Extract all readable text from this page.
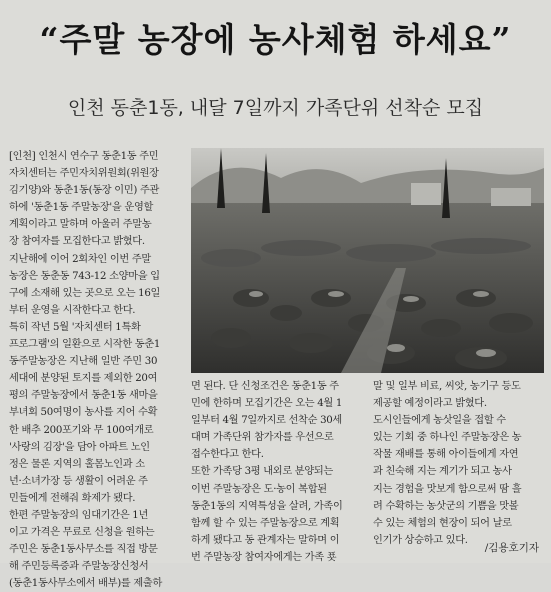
“주말 농장에 농사체험 하세요”
인천 동춘1동, 내달 7일까지 가족단위 선착순 모집

[인천] 인천시 연수구 동춘1동 주민

자치센터는 주민자치위원회(위원장

김기양)와 동춘1동(동장 이민) 주관

하에 '동춘1동 주말농장'을 운영할

계획이라고 말하며 아울러 주말농

장 참여자를 모집한다고 밝혔다.

지난해에 이어 2회차인 이번 주말

농장은 동춘동 743-12 소양마을 입

구에 소재해 있는 곳으로 오는 16일

부터 운영을 시작한다고 한다.

특히 작년 5월 '자치센터 1특화

프로그램'의 일환으로 시작한 동춘1

동주말농장은 지난해 일반 주민 30

세대에 분양된 토지를 제외한 20여

평의 주말농장에서 동춘1동 새마을

부녀회 50여명이 농사를 지어 수확

한 배추 200포기와 무 100여개로

'사랑의 김장'을 담아 아파트 노인

정은 물론 지역의 홀몸노인과 소

년·소녀가장 등 생활이 어려운 주

민들에게 전해줘 화제가 됐다.

한편 주말농장의 임대기간은 1년

이고 가격은 무료로 신청을 원하는

주민은 동춘1동사무소를 직접 방문

해 주민등록증과 주말농장신청서

(동춘1동사무소에서 배부)를 제출하

면 된다. 단 신청조건은 동춘1동 주

민에 한하며 모집기간은 오는 4월 1

일부터 4월 7일까지로 선착순 30세

대며 가족단위 참가자를 우선으로

접수한다고 한다.

또한 가족당 3평 내외로 분양되는

이번 주말농장은 도·농이 복합된

동춘1동의 지역특성을 살려, 가족이

함께 할 수 있는 주말농장으로 계획

하게 됐다고 동 관계자는 말하며 이

번 주말농장 참여자에게는 가족 푯

말 및 일부 비료, 씨앗, 농기구 등도

제공할 예정이라고 밝혔다.

도시인들에게 농삿일을 접할 수

있는 기회 중 하나인 주말농장은 농

작물 재배를 통해 아이들에게 자연

과 친숙해 지는 계기가 되고 농사

지는 경험을 맛보게 함으로써 땀 흘

려 수확하는 농삿군의 기쁨을 맛볼

수 있는 체험의 현장이 되어 날로

인기가 상승하고 있다.

/김용호기자
